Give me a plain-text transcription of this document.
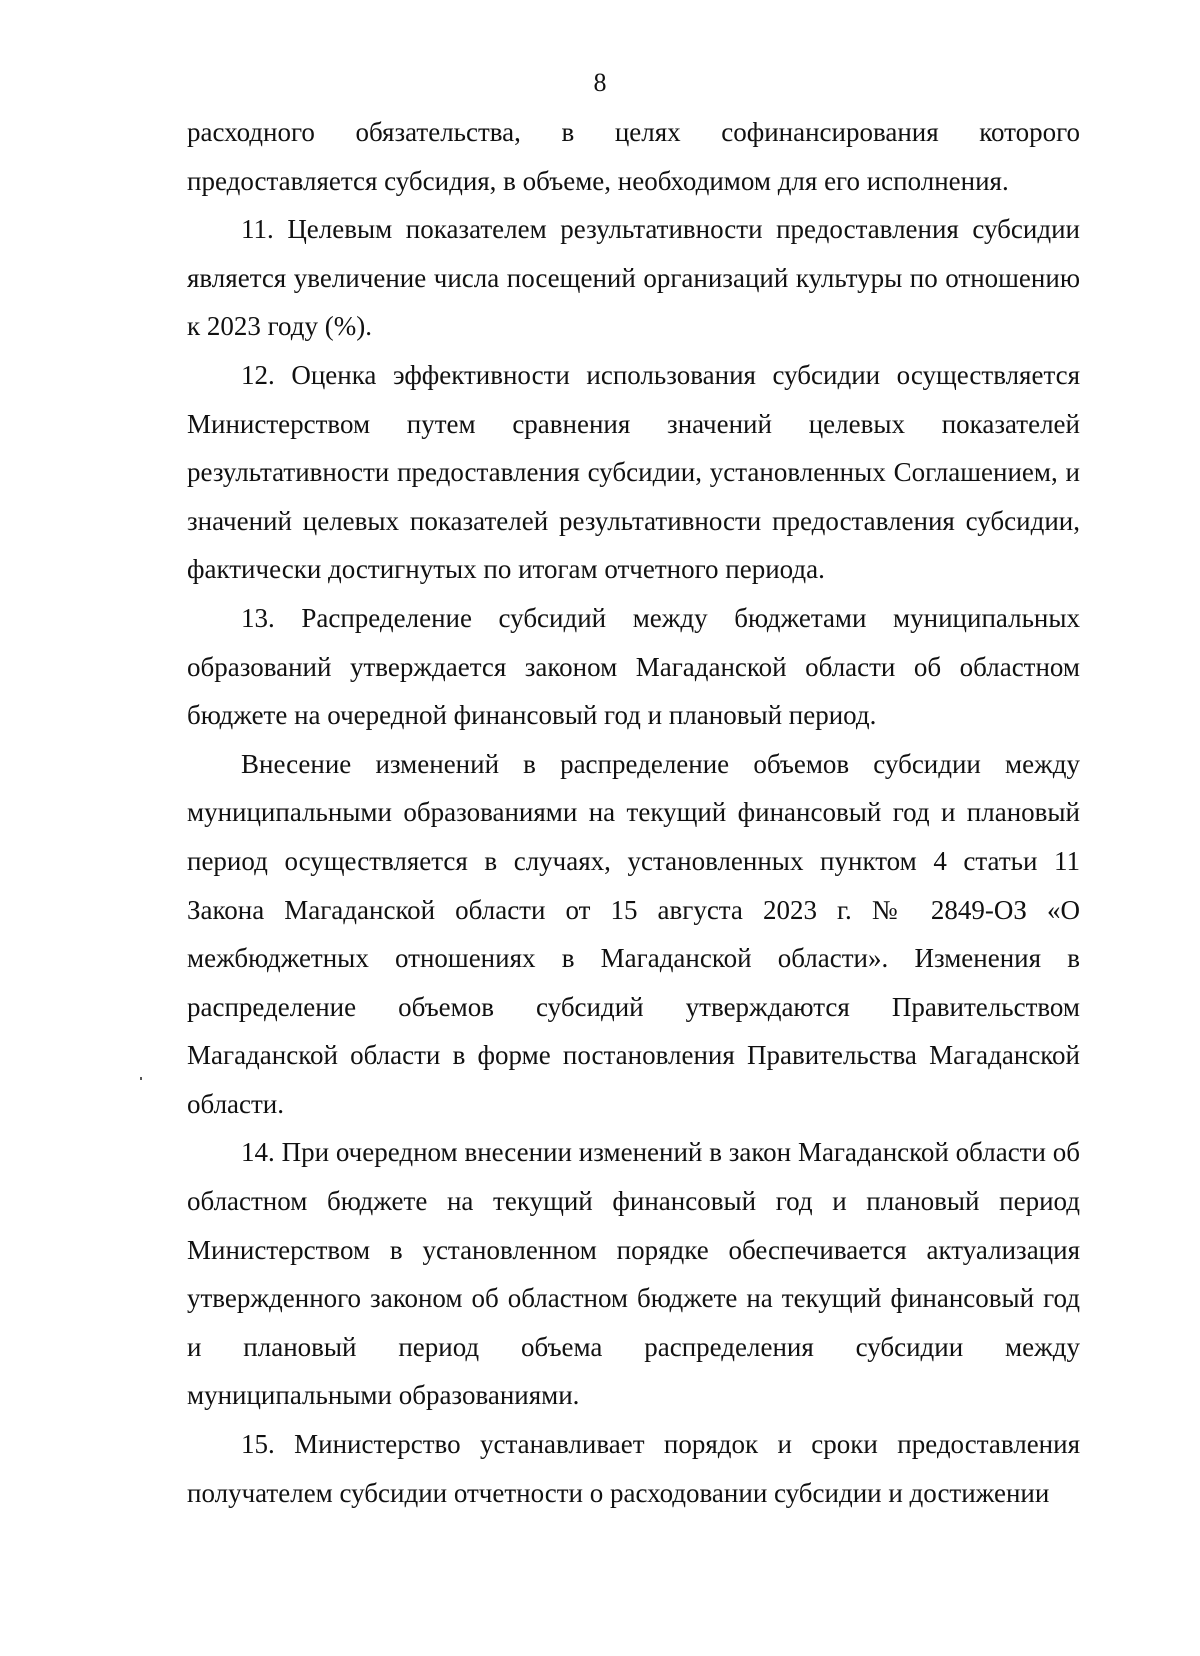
8

расходного обязательства, в целях софинансирования которого предоставляется субсидия, в объеме, необходимом для его исполнения.

11. Целевым показателем результативности предоставления субсидии является увеличение числа посещений организаций культуры по отношению к 2023 году (%).

12. Оценка эффективности использования субсидии осуществляется Министерством путем сравнения значений целевых показателей результативности предоставления субсидии, установленных Соглашением, и значений целевых показателей результативности предоставления субсидии, фактически достигнутых по итогам отчетного периода.

13. Распределение субсидий между бюджетами муниципальных образований утверждается законом Магаданской области об областном бюджете на очередной финансовый год и плановый период.

Внесение изменений в распределение объемов субсидии между муниципальными образованиями на текущий финансовый год и плановый период осуществляется в случаях, установленных пунктом 4 статьи 11 Закона Магаданской области от 15 августа 2023 г. № 2849-ОЗ «О межбюджетных отношениях в Магаданской области». Изменения в распределение объемов субсидий утверждаются Правительством Магаданской области в форме постановления Правительства Магаданской области.

14. При очередном внесении изменений в закон Магаданской области об областном бюджете на текущий финансовый год и плановый период Министерством в установленном порядке обеспечивается актуализация утвержденного законом об областном бюджете на текущий финансовый год и плановый период объема распределения субсидии между муниципальными образованиями.

15. Министерство устанавливает порядок и сроки предоставления получателем субсидии отчетности о расходовании субсидии и достижении
